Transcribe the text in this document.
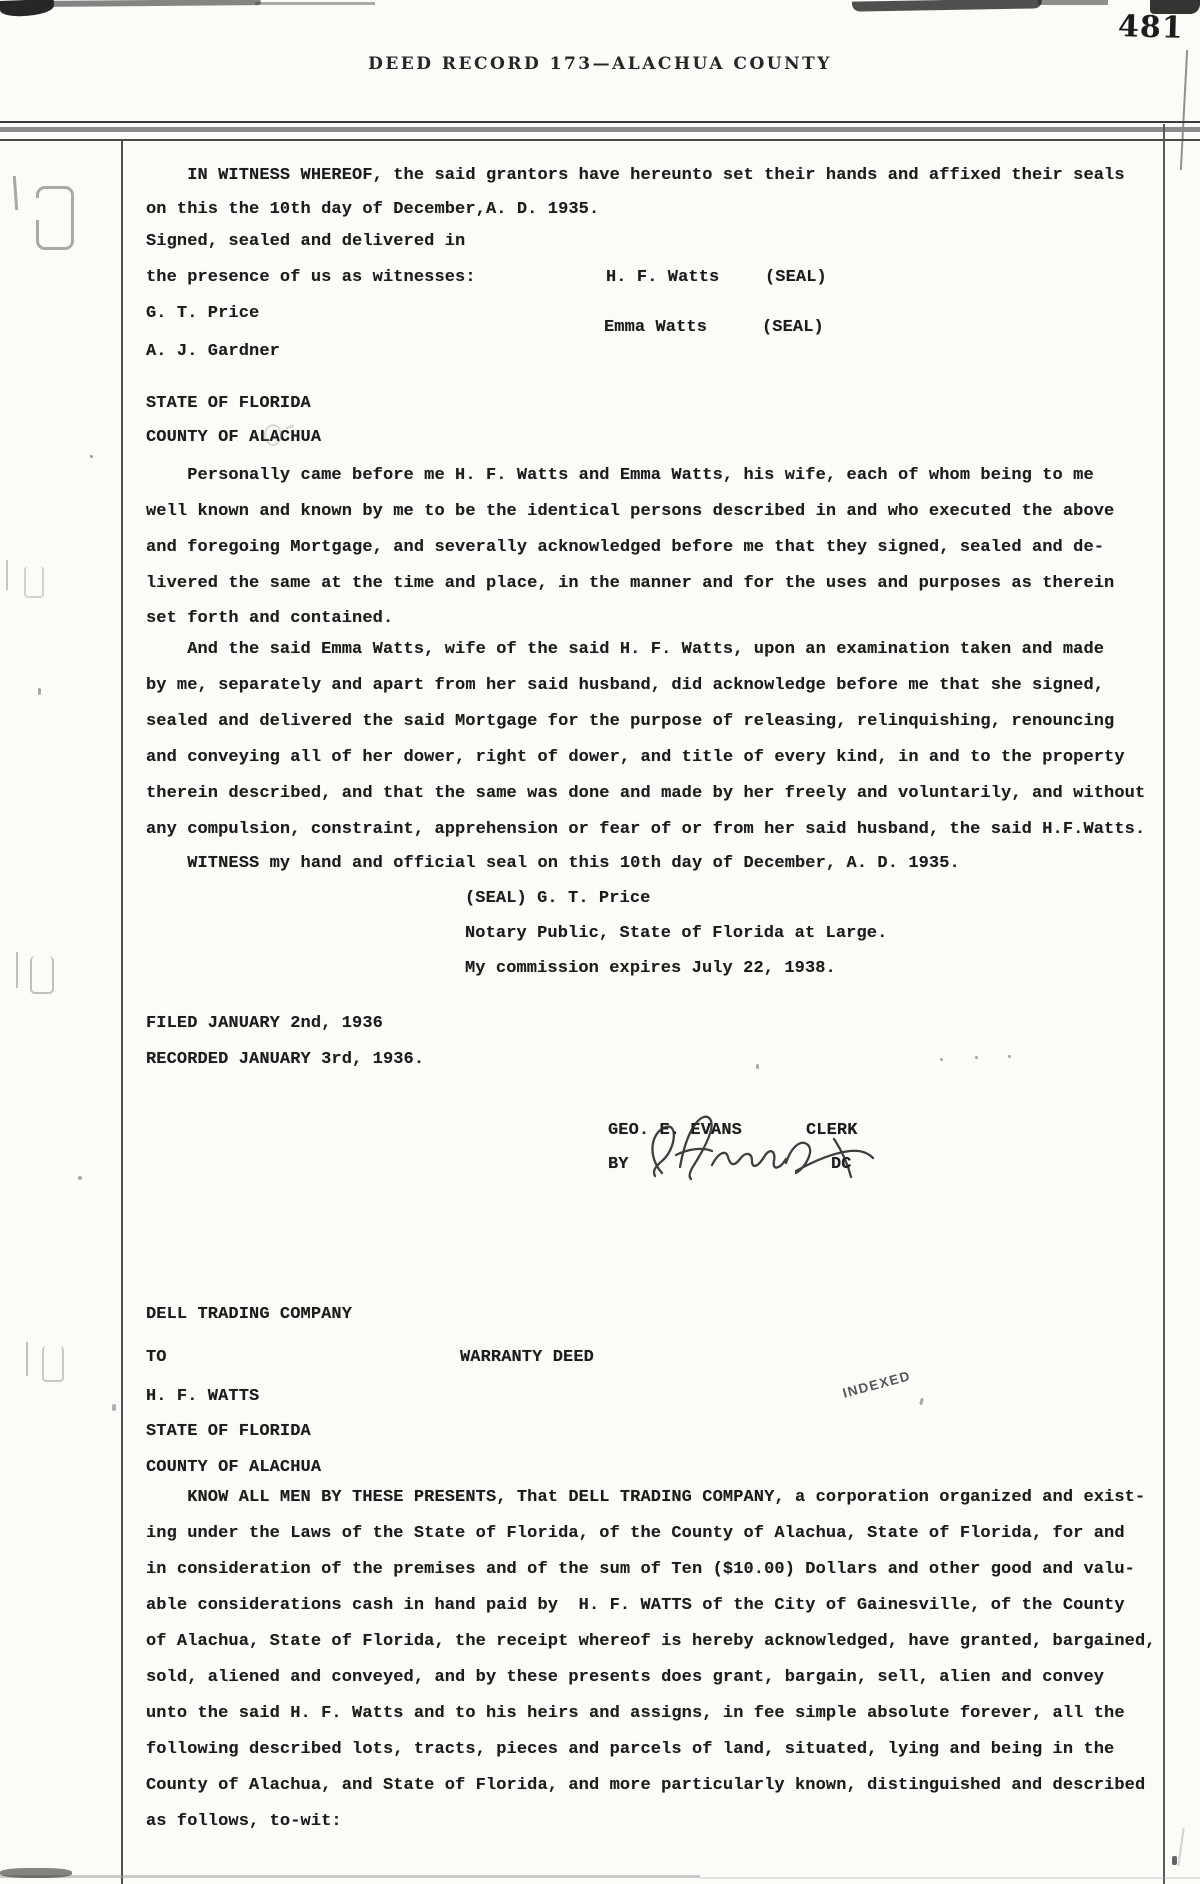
481
DEED RECORD 173—ALACHUA COUNTY
IN WITNESS WHEREOF, the said grantors have hereunto set their hands and affixed their seals
on this the 10th day of December,A. D. 1935.
Signed, sealed and delivered in
the presence of us as witnesses:
G. T. Price
A. J. Gardner
H. F. Watts	(SEAL)
Emma Watts	(SEAL)
STATE OF FLORIDA
COUNTY OF ALACHUA
Personally came before me H. F. Watts and Emma Watts, his wife, each of whom being to me
well known and known by me to be the identical persons described in and who executed the above
and foregoing Mortgage, and severally acknowledged before me that they signed, sealed and de-
livered the same at the time and place, in the manner and for the uses and purposes as therein
set forth and contained.
And the said Emma Watts, wife of the said H. F. Watts, upon an examination taken and made
by me, separately and apart from her said husband, did acknowledge before me that she signed,
sealed and delivered the said Mortgage for the purpose of releasing, relinquishing, renouncing
and conveying all of her dower, right of dower, and title of every kind, in and to the property
therein described, and that the same was done and made by her freely and voluntarily, and without
any compulsion, constraint, apprehension or fear of or from her said husband, the said H.F.Watts.
WITNESS my hand and official seal on this 10th day of December, A. D. 1935.
(SEAL) G. T. Price
Notary Public, State of Florida at Large.
My commission expires July 22, 1938.
FILED JANUARY 2nd, 1936
RECORDED JANUARY 3rd, 1936.
GEO. E. EVANS	CLERK
BY	DC
DELL TRADING COMPANY
TO	WARRANTY DEED
H. F. WATTS	INDEXED
STATE OF FLORIDA
COUNTY OF ALACHUA
KNOW ALL MEN BY THESE PRESENTS, That DELL TRADING COMPANY, a corporation organized and exist-
ing under the Laws of the State of Florida, of the County of Alachua, State of Florida, for and
in consideration of the premises and of the sum of Ten ($10.00) Dollars and other good and valu-
able considerations cash in hand paid by  H. F. WATTS of the City of Gainesville, of the County
of Alachua, State of Florida, the receipt whereof is hereby acknowledged, have granted, bargained,
sold, aliened and conveyed, and by these presents does grant, bargain, sell, alien and convey
unto the said H. F. Watts and to his heirs and assigns, in fee simple absolute forever, all the
following described lots, tracts, pieces and parcels of land, situated, lying and being in the
County of Alachua, and State of Florida, and more particularly known, distinguished and described
as follows, to-wit:
